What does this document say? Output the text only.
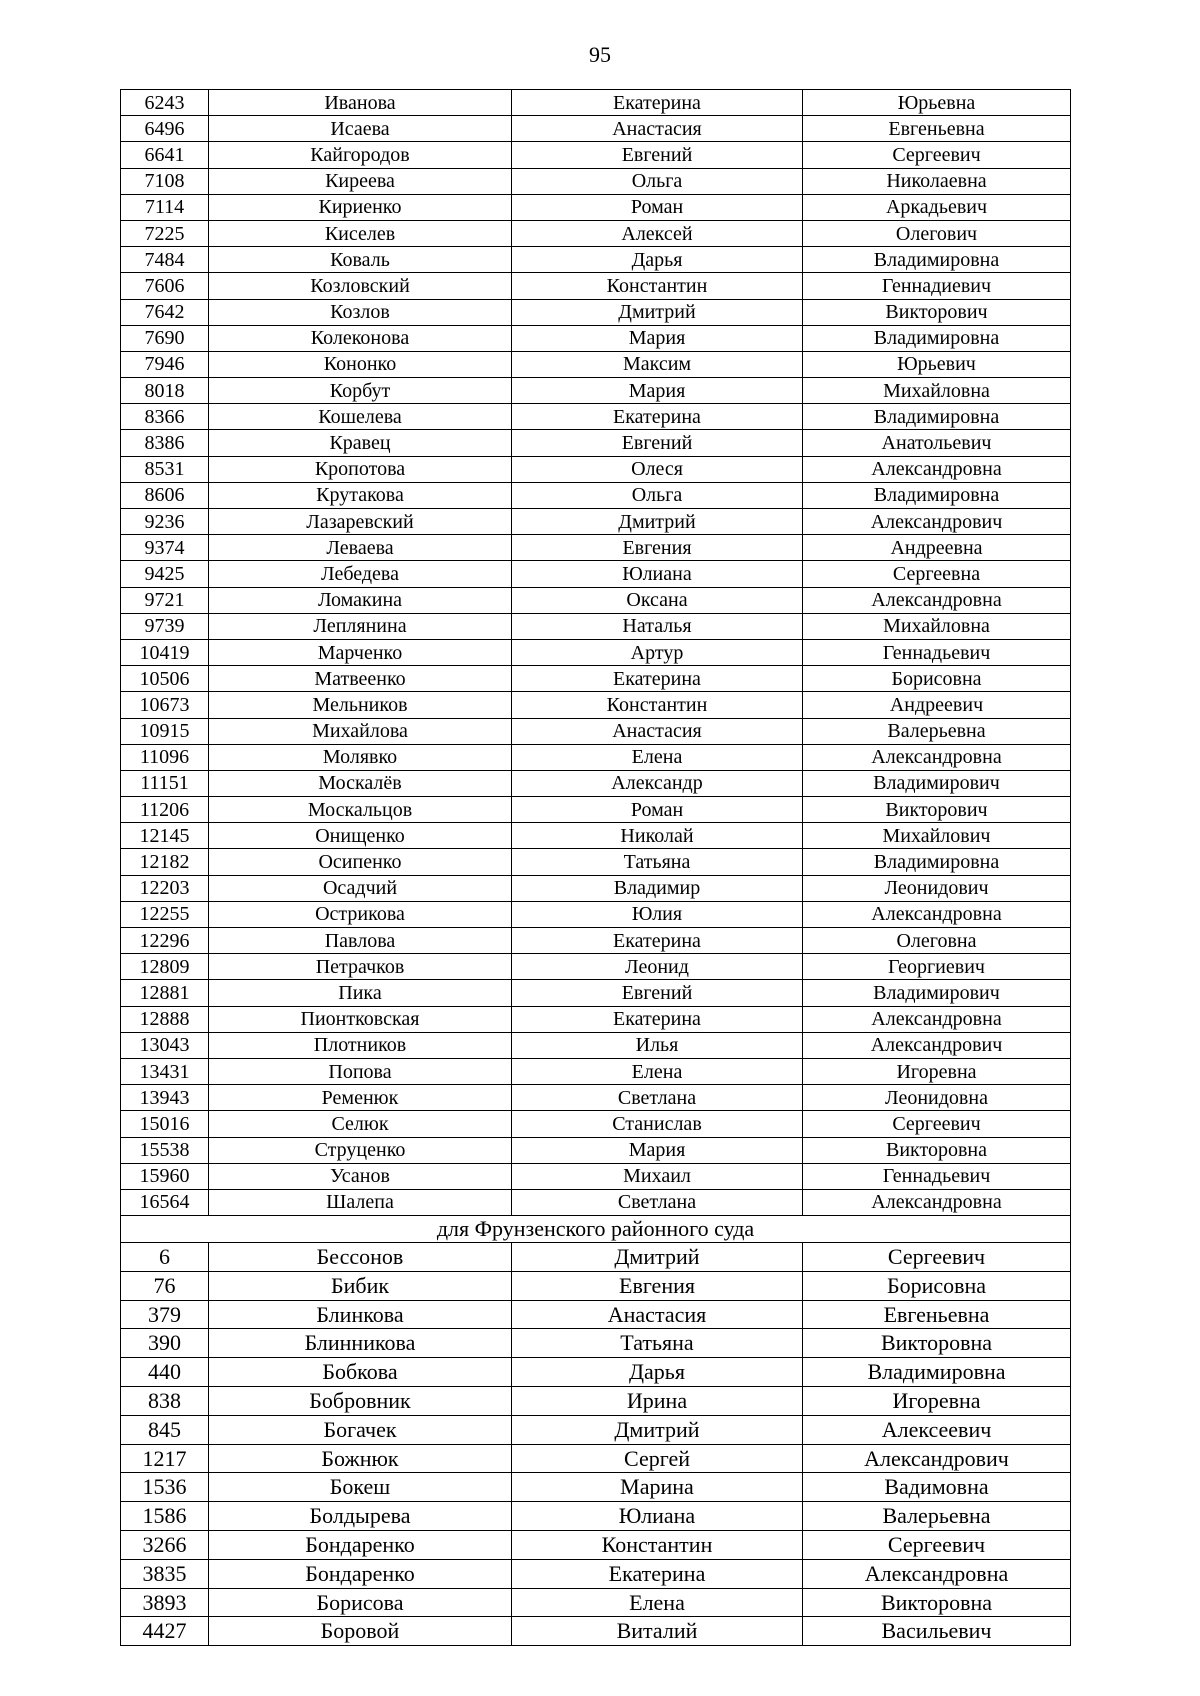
95
6243	Иванова	Екатерина	Юрьевна
6496	Исаева	Анастасия	Евгеньевна
6641	Кайгородов	Евгений	Сергеевич
7108	Киреева	Ольга	Николаевна
7114	Кириенко	Роман	Аркадьевич
7225	Киселев	Алексей	Олегович
7484	Коваль	Дарья	Владимировна
7606	Козловский	Константин	Геннадиевич
7642	Козлов	Дмитрий	Викторович
7690	Колеконова	Мария	Владимировна
7946	Кононко	Максим	Юрьевич
8018	Корбут	Мария	Михайловна
8366	Кошелева	Екатерина	Владимировна
8386	Кравец	Евгений	Анатольевич
8531	Кропотова	Олеся	Александровна
8606	Крутакова	Ольга	Владимировна
9236	Лазаревский	Дмитрий	Александрович
9374	Леваева	Евгения	Андреевна
9425	Лебедева	Юлиана	Сергеевна
9721	Ломакина	Оксана	Александровна
9739	Леплянина	Наталья	Михайловна
10419	Марченко	Артур	Геннадьевич
10506	Матвеенко	Екатерина	Борисовна
10673	Мельников	Константин	Андреевич
10915	Михайлова	Анастасия	Валерьевна
11096	Молявко	Елена	Александровна
11151	Москалёв	Александр	Владимирович
11206	Москальцов	Роман	Викторович
12145	Онищенко	Николай	Михайлович
12182	Осипенко	Татьяна	Владимировна
12203	Осадчий	Владимир	Леонидович
12255	Острикова	Юлия	Александровна
12296	Павлова	Екатерина	Олеговна
12809	Петрачков	Леонид	Георгиевич
12881	Пика	Евгений	Владимирович
12888	Пионтковская	Екатерина	Александровна
13043	Плотников	Илья	Александрович
13431	Попова	Елена	Игоревна
13943	Ременюк	Светлана	Леонидовна
15016	Селюк	Станислав	Сергеевич
15538	Струценко	Мария	Викторовна
15960	Усанов	Михаил	Геннадьевич
16564	Шалепа	Светлана	Александровна
для Фрунзенского районного суда			
6	Бессонов	Дмитрий	Сергеевич
76	Бибик	Евгения	Борисовна
379	Блинкова	Анастасия	Евгеньевна
390	Блинникова	Татьяна	Викторовна
440	Бобкова	Дарья	Владимировна
838	Бобровник	Ирина	Игоревна
845	Богачек	Дмитрий	Алексеевич
1217	Божнюк	Сергей	Александрович
1536	Бокеш	Марина	Вадимовна
1586	Болдырева	Юлиана	Валерьевна
3266	Бондаренко	Константин	Сергеевич
3835	Бондаренко	Екатерина	Александровна
3893	Борисова	Елена	Викторовна
4427	Боровой	Виталий	Васильевич
